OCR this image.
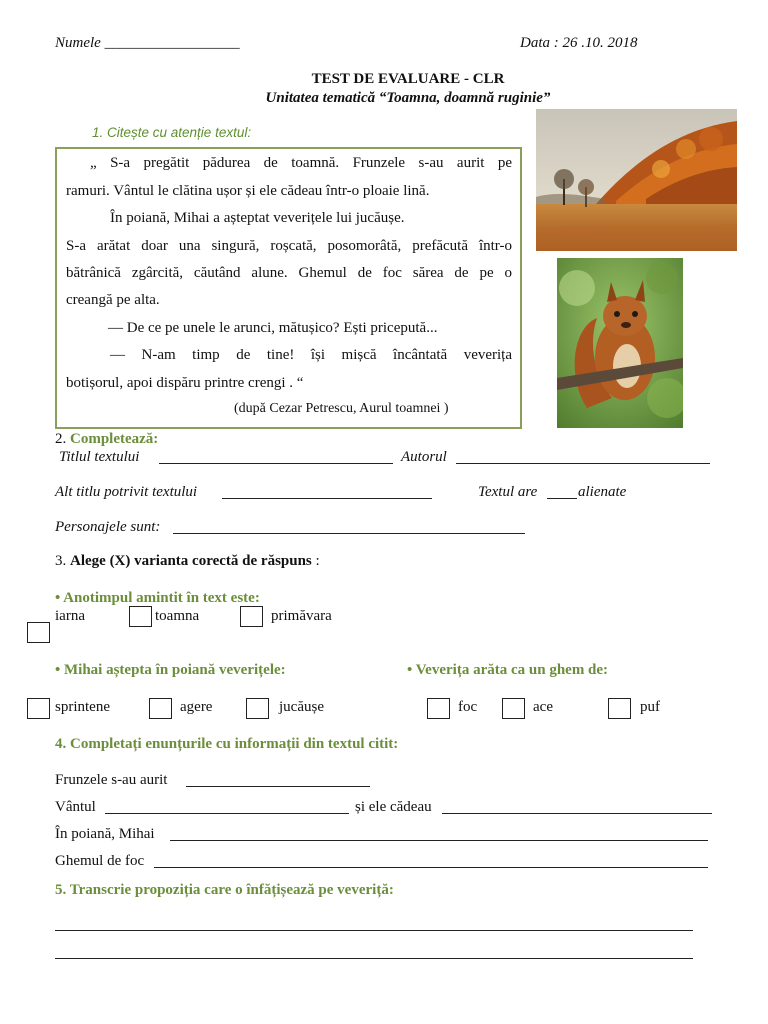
Numele __________________	Data : 26 .10. 2018
TEST DE EVALUARE - CLR
Unitatea tematică “Toamna, doamnă ruginie”
1. Citește cu atenție textul:
„ S-a pregătit pădurea de toamnă. Frunzele s-au aurit pe
ramuri. Vântul le clătina ușor și ele cădeau într-o ploaie lină.
În poiană, Mihai a așteptat veverițele lui jucăușe.
S-a arătat doar una singură, roșcată, posomorâtă, prefăcută într-o
bătrânică zgârcită, căutând alune. Ghemul de foc sărea de pe o
creangă pe alta.
— De ce pe unele le arunci, mătușico? Ești pricepută...
— N-am timp de tine! își mișcă încântată veverița
botișorul, apoi dispăru printre crengi . “
(după Cezar Petrescu, Aurul toamnei )
2. Completează:
Titlul textului	Autorul
Alt titlu potrivit textului	Textul are	alienate
Personajele sunt:
3. Alege (X) varianta corectă de răspuns :
• Anotimpul amintit în text este:
iarna	toamna	primăvara
• Mihai aștepta în poiană veverițele:	• Veverița arăta ca un ghem de:
sprintene	agere	jucăușe	foc	ace	puf
4. Completați enunțurile cu informații din textul citit:
Frunzele s-au aurit
Vântul	și ele cădeau
În poiană, Mihai
Ghemul de foc
5. Transcrie propoziția care o înfățișează pe veveriță:
